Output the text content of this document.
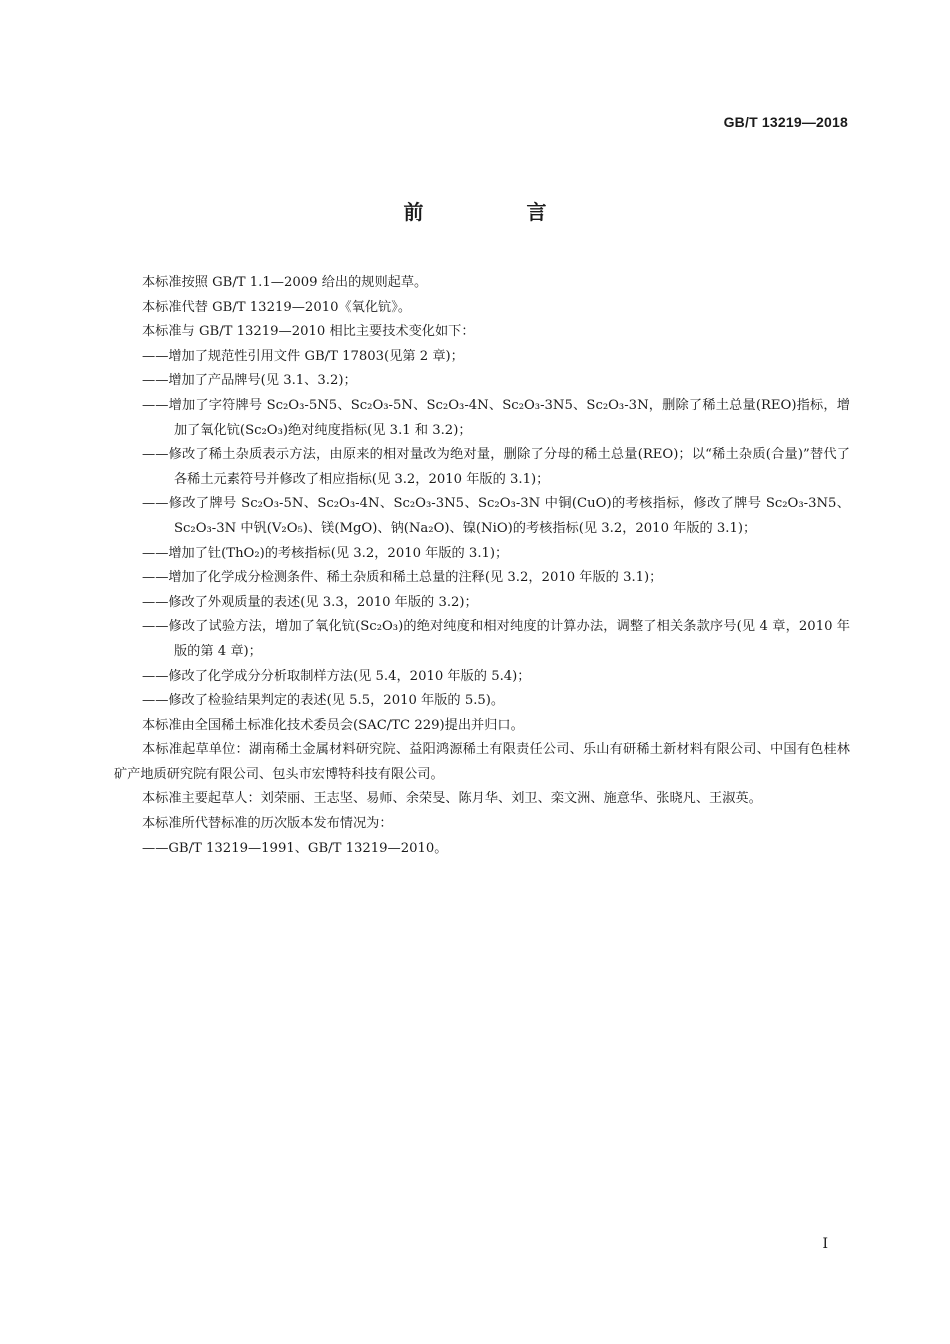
GB/T 13219—2018
前 言

本标准按照 GB/T 1.1—2009 给出的规则起草。

本标准代替 GB/T 13219—2010《氧化钪》。

本标准与 GB/T 13219—2010 相比主要技术变化如下：

——增加了规范性引用文件 GB/T 17803(见第 2 章)；

——增加了产品牌号(见 3.1、3.2)；

——增加了字符牌号 Sc₂O₃-5N5、Sc₂O₃-5N、Sc₂O₃-4N、Sc₂O₃-3N5、Sc₂O₃-3N，删除了稀土总量(REO)指标，增加了氧化钪(Sc₂O₃)绝对纯度指标(见 3.1 和 3.2)；

——修改了稀土杂质表示方法，由原来的相对量改为绝对量，删除了分母的稀土总量(REO)；以“稀土杂质(合量)”替代了各稀土元素符号并修改了相应指标(见 3.2，2010 年版的 3.1)；

——修改了牌号 Sc₂O₃-5N、Sc₂O₃-4N、Sc₂O₃-3N5、Sc₂O₃-3N 中铜(CuO)的考核指标，修改了牌号 Sc₂O₃-3N5、Sc₂O₃-3N 中钒(V₂O₅)、镁(MgO)、钠(Na₂O)、镍(NiO)的考核指标(见 3.2，2010 年版的 3.1)；

——增加了钍(ThO₂)的考核指标(见 3.2，2010 年版的 3.1)；

——增加了化学成分检测条件、稀土杂质和稀土总量的注释(见 3.2，2010 年版的 3.1)；

——修改了外观质量的表述(见 3.3，2010 年版的 3.2)；

——修改了试验方法，增加了氧化钪(Sc₂O₃)的绝对纯度和相对纯度的计算办法，调整了相关条款序号(见 4 章，2010 年版的第 4 章)；

——修改了化学成分分析取制样方法(见 5.4，2010 年版的 5.4)；

——修改了检验结果判定的表述(见 5.5，2010 年版的 5.5)。

本标准由全国稀土标准化技术委员会(SAC/TC 229)提出并归口。

本标准起草单位：湖南稀土金属材料研究院、益阳鸿源稀土有限责任公司、乐山有研稀土新材料有限公司、中国有色桂林矿产地质研究院有限公司、包头市宏博特科技有限公司。

本标准主要起草人：刘荣丽、王志坚、易师、余荣旻、陈月华、刘卫、栾文洲、施意华、张晓凡、王淑英。

本标准所代替标准的历次版本发布情况为：

——GB/T 13219—1991、GB/T 13219—2010。

I
